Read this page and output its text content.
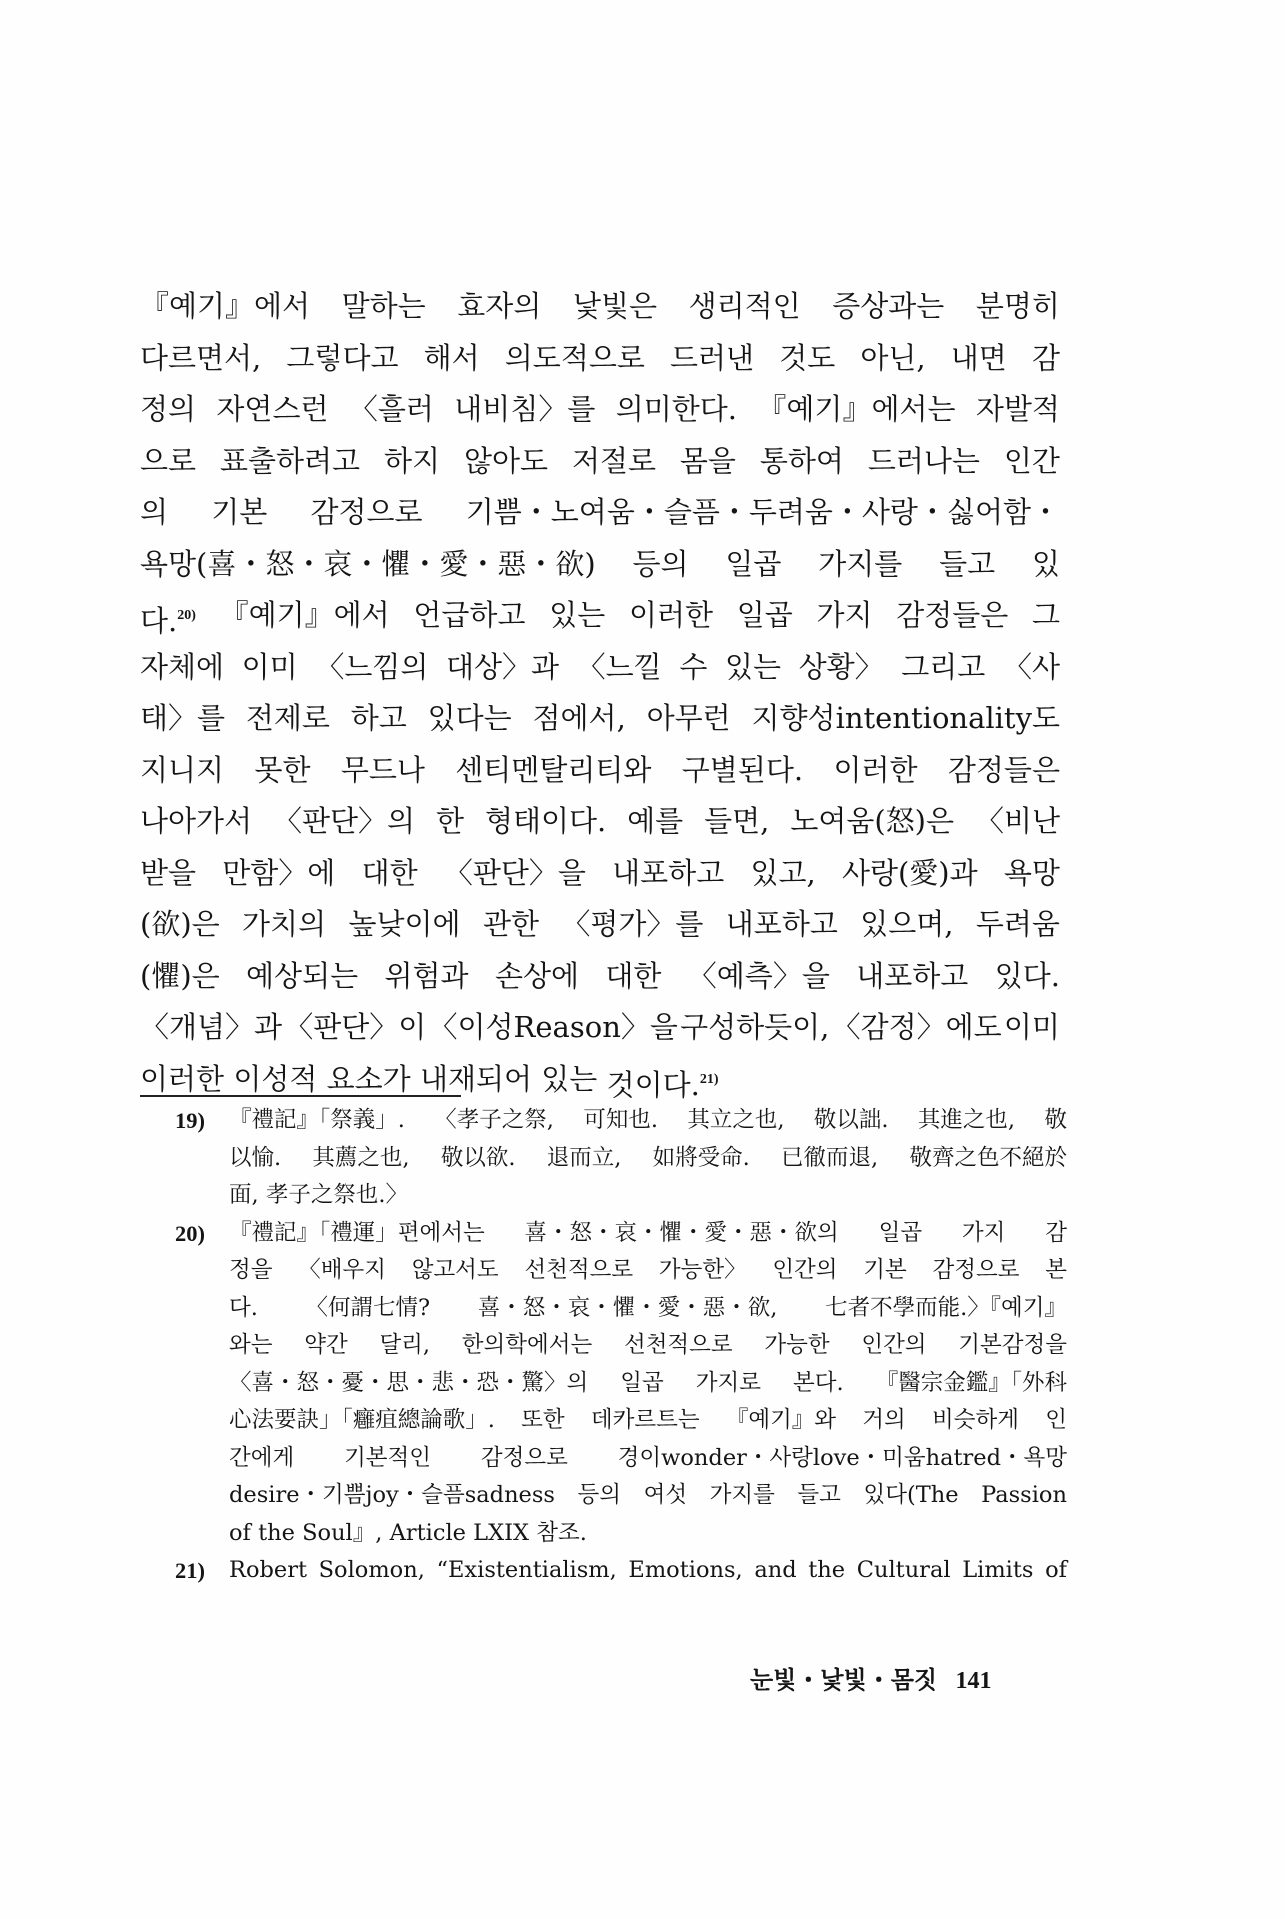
『예기』에서 말하는 효자의 낯빛은 생리적인 증상과는 분명히
다르면서, 그렇다고 해서 의도적으로 드러낸 것도 아닌, 내면 감
정의 자연스런 〈흘러 내비침〉를 의미한다. 『예기』에서는 자발적
으로 표출하려고 하지 않아도 저절로 몸을 통하여 드러나는 인간
의 기본 감정으로 기쁨・노여움・슬픔・두려움・사랑・싫어함・
욕망(喜・怒・哀・懼・愛・惡・欲) 등의 일곱 가지를 들고 있
다.$^{20)}$ 『예기』에서 언급하고 있는 이러한 일곱 가지 감정들은 그
자체에 이미 〈느낌의 대상〉과 〈느낄 수 있는 상황〉 그리고 〈사
태〉를 전제로 하고 있다는 점에서, 아무런 지향성intentionality도
지니지 못한 무드나 센티멘탈리티와 구별된다. 이러한 감정들은
나아가서 〈판단〉의 한 형태이다. 예를 들면, 노여움(怒)은 〈비난
받을 만함〉에 대한 〈판단〉을 내포하고 있고, 사랑(愛)과 욕망
(欲)은 가치의 높낮이에 관한 〈평가〉를 내포하고 있으며, 두려움
(懼)은 예상되는 위험과 손상에 대한 〈예측〉을 내포하고 있다.
〈개념〉과 〈판단〉이 〈이성Reason〉을 구성하듯이, 〈감정〉에도 이미
이러한 이성적 요소가 내재되어 있는 것이다.$^{21)}$
19) 『禮記』「祭義」. 〈孝子之祭, 可知也. 其立之也, 敬以詘. 其進之也, 敬
以愉. 其薦之也, 敬以欲. 退而立, 如將受命. 已徹而退, 敬齊之色不絕於
面, 孝子之祭也.〉
20) 『禮記』「禮運」편에서는 喜・怒・哀・懼・愛・惡・欲의 일곱 가지 감
정을 〈배우지 않고서도 선천적으로 가능한〉 인간의 기본 감정으로 본
다. 〈何謂七情? 喜・怒・哀・懼・愛・惡・欲, 七者不學而能.〉『예기』
와는 약간 달리, 한의학에서는 선천적으로 가능한 인간의 기본감정을
〈喜・怒・憂・思・悲・恐・驚〉의 일곱 가지로 본다. 『醫宗金鑑』「外科
心法要訣」「癰疽總論歌」. 또한 데카르트는 『예기』와 거의 비슷하게 인
간에게 기본적인 감정으로 경이wonder・사랑love・미움hatred・욕망
desire・기쁨joy・슬픔sadness 등의 여섯 가지를 들고 있다(The Passion
of the Soul』, Article LXIX 참조.
21) Robert Solomon, “Existentialism, Emotions, and the Cultural Limits of
눈빛・낯빛・몸짓 141
